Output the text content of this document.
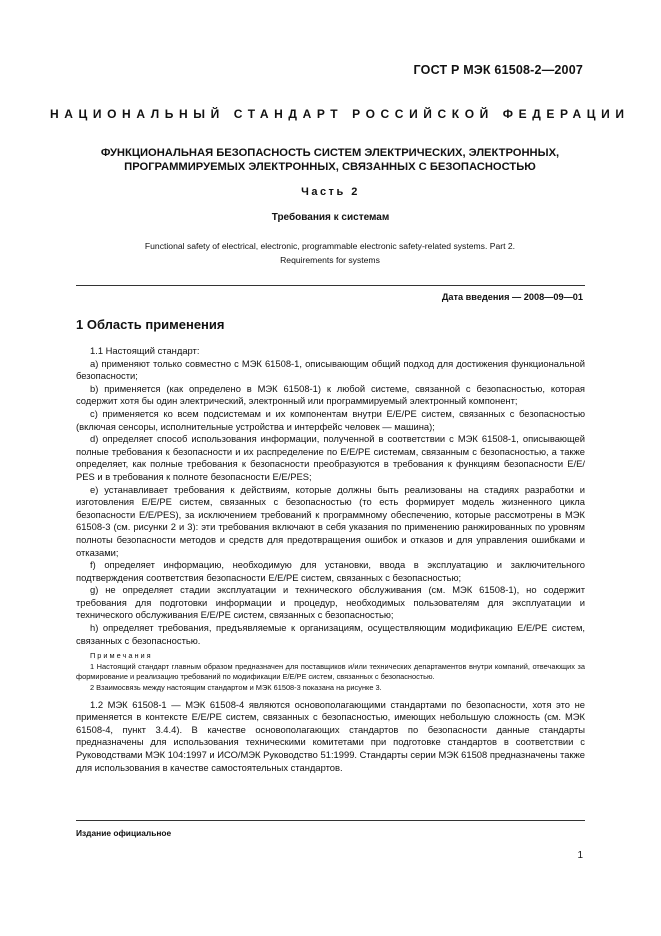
ГОСТ Р МЭК 61508-2—2007
НАЦИОНАЛЬНЫЙ СТАНДАРТ РОССИЙСКОЙ ФЕДЕРАЦИИ
ФУНКЦИОНАЛЬНАЯ БЕЗОПАСНОСТЬ СИСТЕМ ЭЛЕКТРИЧЕСКИХ, ЭЛЕКТРОННЫХ,
ПРОГРАММИРУЕМЫХ ЭЛЕКТРОННЫХ, СВЯЗАННЫХ С БЕЗОПАСНОСТЬЮ
Часть 2
Требования к системам
Functional safety of electrical, electronic, programmable electronic safety-related systems. Part 2.
Requirements for systems
Дата введения — 2008—09—01
1 Область применения

1.1 Настоящий стандарт:

a) применяют только совместно с МЭК 61508-1, описывающим общий подход для достижения функциональной безопасности;

b) применяется (как определено в МЭК 61508-1) к любой системе, связанной с безопасностью, которая содержит хотя бы один электрический, электронный или программируемый электронный компонент;

c) применяется ко всем подсистемам и их компонентам внутри Е/Е/РЕ систем, связанных с безопасностью (включая сенсоры, исполнительные устройства и интерфейс человек — машина);

d) определяет способ использования информации, полученной в соответствии с МЭК 61508-1, описывающей полные требования к безопасности и их распределение по Е/Е/РЕ системам, связанным с безопасностью, а также определяет, как полные требования к безопасности преобразуются в требования к функциям безопасности Е/Е/РЕS и в требования к полноте безопасности Е/Е/РЕS;

e) устанавливает требования к действиям, которые должны быть реализованы на стадиях разработки и изготовления Е/Е/РЕ систем, связанных с безопасностью (то есть формирует модель жизненного цикла безопасности Е/Е/РЕS), за исключением требований к программному обеспечению, которые рассмотрены в МЭК 61508-3 (см. рисунки 2 и 3): эти требования включают в себя указания по применению ранжированных по уровням полноты безопасности методов и средств для предотвращения ошибок и отказов и для управления ошибками и отказами;

f) определяет информацию, необходимую для установки, ввода в эксплуатацию и заключительного подтверждения соответствия безопасности Е/Е/РЕ систем, связанных с безопасностью;

g) не определяет стадии эксплуатации и технического обслуживания (см. МЭК 61508-1), но содержит требования для подготовки информации и процедур, необходимых пользователям для эксплуатации и технического обслуживания Е/Е/РЕ систем, связанных с безопасностью;

h) определяет требования, предъявляемые к организациям, осуществляющим модификацию Е/Е/РЕ систем, связанных с безопасностью.

Примечания

1 Настоящий стандарт главным образом предназначен для поставщиков и/или технических департаментов внутри компаний, отвечающих за формирование и реализацию требований по модификации Е/Е/РЕ систем, связанных с безопасностью.

2 Взаимосвязь между настоящим стандартом и МЭК 61508-3 показана на рисунке 3.

1.2 МЭК 61508-1 — МЭК 61508-4 являются основополагающими стандартами по безопасности, хотя это не применяется в контексте Е/Е/РЕ систем, связанных с безопасностью, имеющих небольшую сложность (см. МЭК 61508-4, пункт 3.4.4). В качестве основополагающих стандартов по безопасности данные стандарты предназначены для использования техническими комитетами при подготовке стандартов в соответствии с Руководствами МЭК 104:1997 и ИСО/МЭК Руководство 51:1999. Стандарты серии МЭК 61508 предназначены также для использования в качестве самостоятельных стандартов.

Издание официальное
1
